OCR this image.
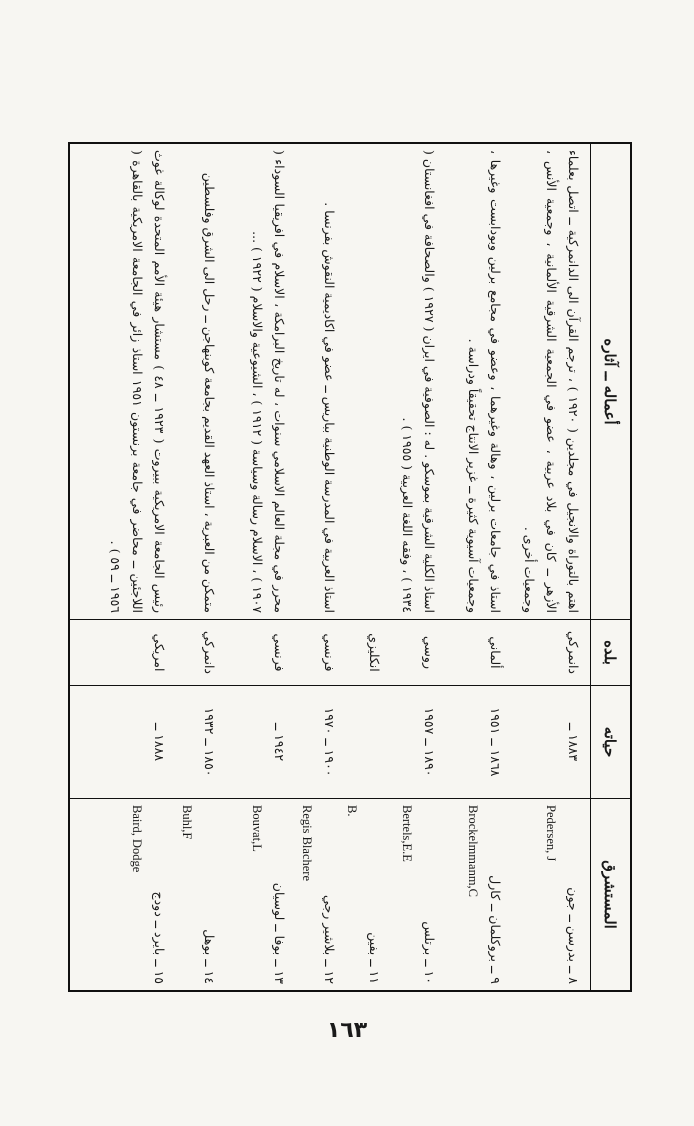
المستشرق
٨ ــ بدرسن ــ جون
Pedersen, J
٩ ــ بروكلمان ــ كارل
Brockelmmanm,C
١٠ ــ برتلس
Bertels,E.E
١١ ــ بفين
B.
١٢ ــ بلاشير رجي
Regis Blachere
١٣ ــ بوفا ــ لوسيان
Bouvat,L
١٤ ــ بوهل
Buhl,F
١٥ ــ بايرد ــ دودج
Baird, Dodge
حياته
١٨٨٣ ــ
١٨٦٨ ــ ١٩٥١
١٨٩٠ ــ ١٩٥٧
١٩٠٠ ــ ١٩٧٠
١٩٤٢ ــ
١٨٥٠ ــ ١٩٣٢
١٨٨٨ ــ
بلده
دانمركي
ألماني
روسي
انكليزي
فرنسي
فرنسي
دانمركي
امريكي
أعماله ــ آثاره
اهتم بالتوراة والانجيل في مجلدين ( ١٩٢٠ ) ، ترجم القرآن الى الدانمركية ــ اتصل بعلماء الأزهر ــ كان في بلاد عربية ، عضو في الجمعية الشرقية الألمانية ، وجمعية الأنس ، وجمعيات أخرى .
استاذ في جامعات برلين ، وهالة وغيرهما ، وعضو في مجامع برلين وبودابست وغيرها ، وجمعيات آسيوية كثيرة ــ غزير الانتاج تحقيقاً ودراسة .
استاذ الكلية الشرقية بموسكو . له : الصوفية في ايران ( ١٩٢٧ ) والصحافة في افغانستان ( ١٩٣٤ ) ، وفقه اللغة العربية ( ١٩٥٥ ) .
استاذ العربية في المدرسة الوطنية بباريس ــ عضو في اكاديمية النقوش بفرنسا .
محرر في مجلة العالم الاسلامي سنوات ، له تاريخ البرامكة ، الاسلام في افريقيا السوداء ( ١٩٠٧ ) ، الاسلام رسالة وسياسة ( ١٩١٢ ) ، الشيوعية والاسلام ( ١٩٢٢ ) ...
متمكن من العبرية ، استاذ العهد القديم بجامعة كوبنهاجن ــ رحل الى الشرق وفلسطين
رئيس الجامعة الامريكية ببيروت ( ١٩٢٣ ــ ٤٨ ) مستشار هيئة الأمم المتحدة لوكالة غوث اللاجئين ــ محاضر في جامعة برنستون ١٩٥١ استاذ زائر في الجامعة الامريكية بالقاهرة ( ١٩٥٦ ــ ٥٩ ) .
١٦٣
